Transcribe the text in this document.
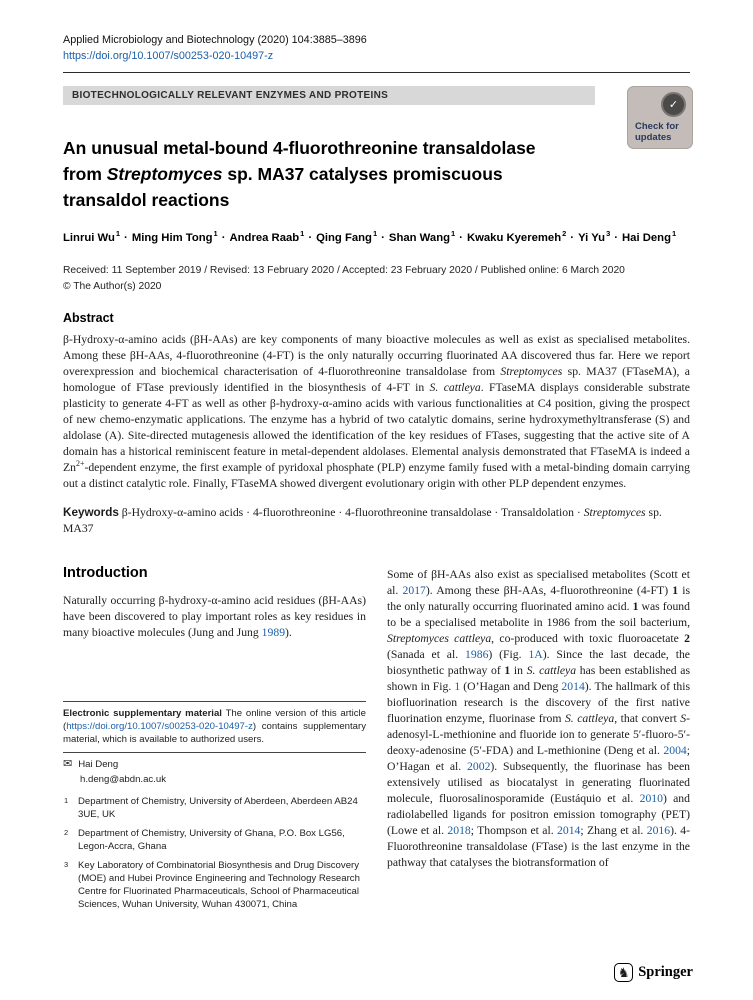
Applied Microbiology and Biotechnology (2020) 104:3885–3896
https://doi.org/10.1007/s00253-020-10497-z
BIOTECHNOLOGICALLY RELEVANT ENZYMES AND PROTEINS
An unusual metal-bound 4-fluorothreonine transaldolase
from Streptomyces sp. MA37 catalyses promiscuous
transaldol reactions
Linrui $Wu^1$ · Ming Him Tong$^1$ · Andrea Raab$^1$ · Qing Fang$^1$ · Shan Wang$^1$ · Kwaku Kyeremeh$^2$ · Yi $Yu^3$ · Hai Deng$^1$
Received: 11 September 2019 / Revised: 13 February 2020 / Accepted: 23 February 2020 / Published online: 6 March 2020
© The Author(s) 2020
Abstract

β-Hydroxy-α-amino acids (βH-AAs) are key components of many bioactive molecules as well as exist as specialised metabolites. Among these βH-AAs, 4-fluorothreonine (4-FT) is the only naturally occurring fluorinated AA discovered thus far. Here we report overexpression and biochemical characterisation of 4-fluorothreonine transaldolase from Streptomyces sp. MA37 (FTaseMA), a homologue of FTase previously identified in the biosynthesis of 4-FT in S. cattleya. FTaseMA displays considerable substrate plasticity to generate 4-FT as well as other β-hydroxy-α-amino acids with various functionalities at C4 position, giving the prospect of new chemo-enzymatic applications. The enzyme has a hybrid of two catalytic domains, serine hydroxymethyltransferase (S) and aldolase (A). Site-directed mutagenesis allowed the identification of the key residues of FTases, suggesting that the active site of A domain has a historical reminiscent feature in metal-dependent aldolases. Elemental analysis demonstrated that FTaseMA is indeed a $Zn^{2+}$-dependent enzyme, the first example of pyridoxal phosphate (PLP) enzyme family fused with a metal-binding domain carrying out a distinct catalytic role. Finally, FTaseMA showed divergent evolutionary origin with other PLP dependent enzymes.

Keywords β-Hydroxy-α-amino acids · 4-fluorothreonine · 4-fluorothreonine transaldolase · Transaldolation · Streptomyces sp. MA37

Introduction

Naturally occurring β-hydroxy-α-amino acid residues (βH-AAs) have been discovered to play important roles as key residues in many bioactive molecules (Jung and Jung 1989).

Electronic supplementary material The online version of this article (https://doi.org/10.1007/s00253-020-10497-z) contains supplementary material, which is available to authorized users.

✉ Hai Deng
h.deng@abdn.ac.uk
1 Department of Chemistry, University of Aberdeen, Aberdeen AB24 3UE, UK
2 Department of Chemistry, University of Ghana, P.O. Box LG56, Legon-Accra, Ghana
3 Key Laboratory of Combinatorial Biosynthesis and Drug Discovery (MOE) and Hubei Province Engineering and Technology Research Centre for Fluorinated Pharmaceuticals, School of Pharmaceutical Sciences, Wuhan University, Wuhan 430071, China

Some of βH-AAs also exist as specialised metabolites (Scott et al. 2017). Among these βH-AAs, 4-fluorothreonine (4-FT) 1 is the only naturally occurring fluorinated amino acid. 1 was found to be a specialised metabolite in 1986 from the soil bacterium, Streptomyces cattleya, co-produced with toxic fluoroacetate 2 (Sanada et al. 1986) (Fig. 1A). Since the last decade, the biosynthetic pathway of 1 in S. cattleya has been established as shown in Fig. 1 (O’Hagan and Deng 2014). The hallmark of this biofluorination research is the discovery of the first native fluorination enzyme, fluorinase from S. cattleya, that convert S-adenosyl-L-methionine and fluoride ion to generate 5′-fluoro-5′-deoxy-adenosine (5′-FDA) and L-methionine (Deng et al. 2004; O’Hagan et al. 2002). Subsequently, the fluorinase has been extensively utilised as biocatalyst in generating fluorinated molecule, fluorosalinosporamide (Eustáquio et al. 2010) and radiolabelled ligands for positron emission tomography (PET) (Lowe et al. 2018; Thompson et al. 2014; Zhang et al. 2016). 4-Fluorothreonine transaldolase (FTase) is the last enzyme in the pathway that catalyses the biotransformation of

✓
Check for
updates
♞ Springer
